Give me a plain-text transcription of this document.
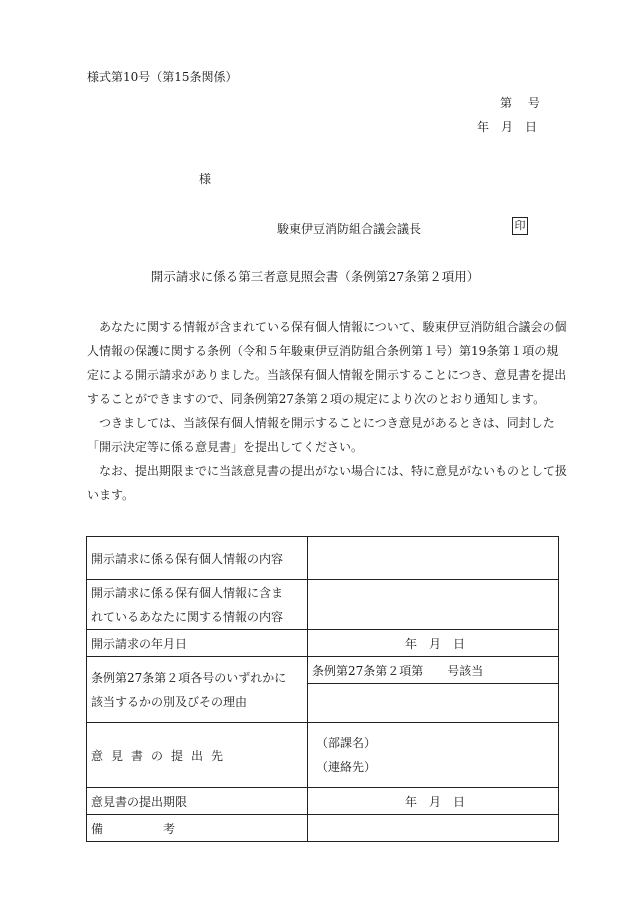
様式第10号（第15条関係）
第　 号
年　月　日
様
駿東伊豆消防組合議会議長	印
開示請求に係る第三者意見照会書（条例第27条第２項用）

あなたに関する情報が含まれている保有個人情報について、駿東伊豆消防組合議会の個人情報の保護に関する条例（令和５年駿東伊豆消防組合条例第１号）第19条第１項の規定による開示請求がありました。当該保有個人情報を開示することにつき、意見書を提出することができますので、同条例第27条第２項の規定により次のとおり通知します。

つきましては、当該保有個人情報を開示することにつき意見があるときは、同封した「開示決定等に係る意見書」を提出してください。

なお、提出期限までに当該意見書の提出がない場合には、特に意見がないものとして扱います。

開示請求に係る保有個人情報の内容	

開示請求に係る保有個人情報に含ま
れているあなたに関する情報の内容	

開示請求の年月日	年　月　日

条例第27条第２項各号のいずれかに
該当するかの別及びその理由	条例第27条第２項第　　号該当

意見書の提出先	（部課名）
（連絡先）

意見書の提出期限	年　月　日
備　　　　　考	
